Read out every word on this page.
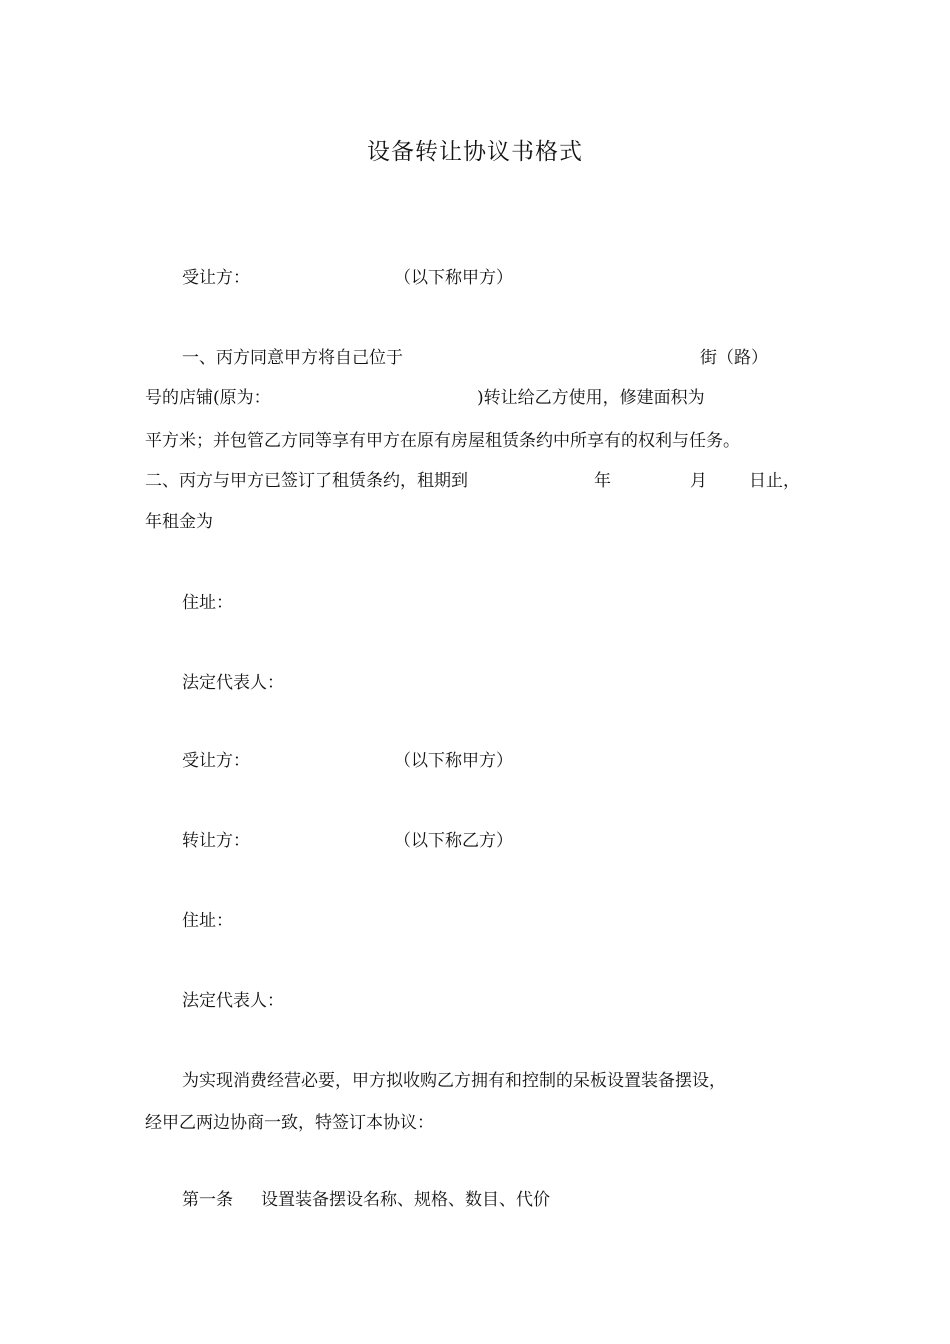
设备转让协议书格式
受让方：	（以下称甲方）
一、丙方同意甲方将自己位于	街（路）
号的店铺(原为：	)转让给乙方使用，修建面积为
平方米；并包管乙方同等享有甲方在原有房屋租赁条约中所享有的权利与任务。
二、丙方与甲方已签订了租赁条约，租期到	年	月 日止，
年租金为
住址：
法定代表人：
受让方：	（以下称甲方）
转让方：	（以下称乙方）
住址：
法定代表人：
为实现消费经营必要，甲方拟收购乙方拥有和控制的呆板设置装备摆设，
经甲乙两边协商一致，特签订本协议：
第一条 设置装备摆设名称、规格、数目、代价
